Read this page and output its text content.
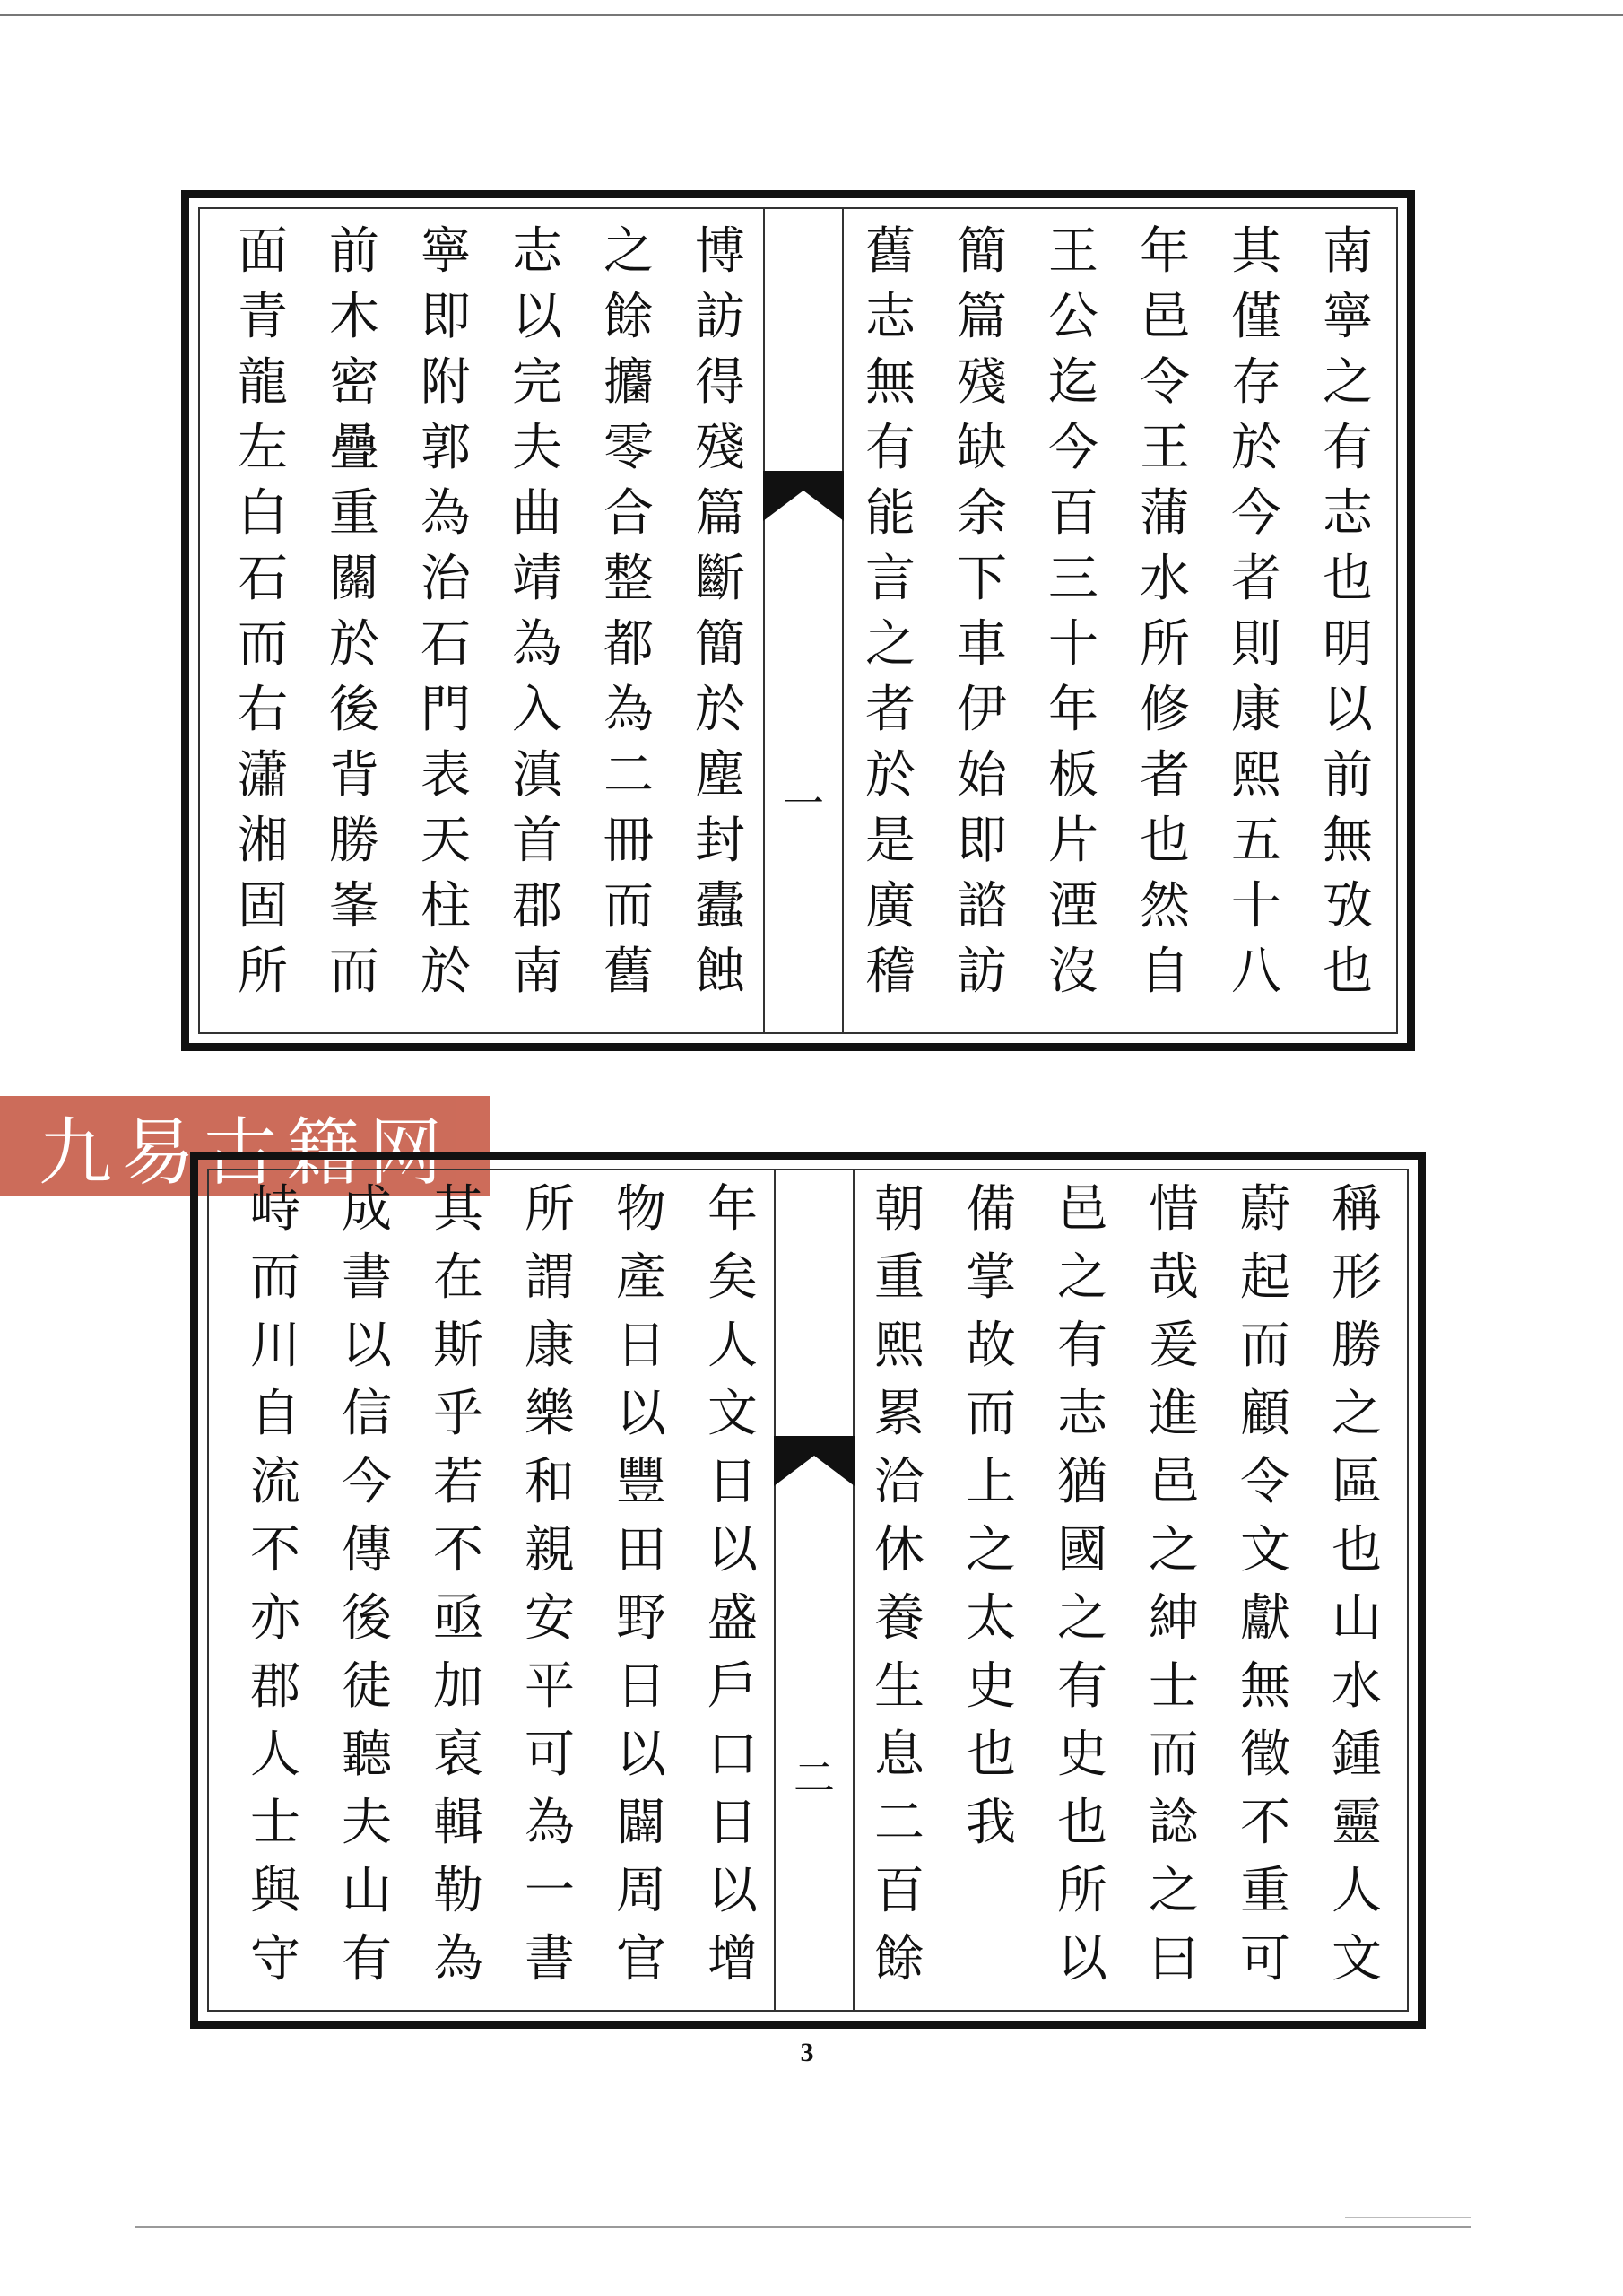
南
寧
之
有
志
也
明
以
前
無
攷
也
其
僅
存
於
今
者
則
康
熙
五
十
八
年
邑
令
王
蒲
水
所
修
者
也
然
自
王
公
迄
今
百
三
十
年
板
片
湮
沒
簡
篇
殘
缺
余
下
車
伊
始
即
諮
訪
舊
志
無
有
能
言
之
者
於
是
廣
稽
博
訪
得
殘
篇
斷
簡
於
塵
封
蠹
蝕
之
餘
攟
零
合
整
都
為
二
冊
而
舊
志
以
完
夫
曲
靖
為
入
滇
首
郡
南
寧
即
附
郭
為
治
石
門
表
天
柱
於
前
木
密
疊
重
關
於
後
背
勝
峯
而
面
青
龍
左
白
石
而
右
瀟
湘
固
所
一
九易古籍网
稱
形
勝
之
區
也
山
水
鍾
靈
人
文
蔚
起
而
顧
令
文
獻
無
徵
不
重
可
惜
哉
爰
進
邑
之
紳
士
而
諗
之
曰
邑
之
有
志
猶
國
之
有
史
也
所
以
備
掌
故
而
上
之
太
史
也
我
朝
重
熙
累
洽
休
養
生
息
二
百
餘
年
矣
人
文
日
以
盛
戶
口
日
以
增
物
產
日
以
豐
田
野
日
以
闢
周
官
所
謂
康
樂
和
親
安
平
可
為
一
書
其
在
斯
乎
若
不
亟
加
裒
輯
勒
為
成
書
以
信
今
傳
後
徒
聽
夫
山
有
峙
而
川
自
流
不
亦
郡
人
士
與
守
二
3
